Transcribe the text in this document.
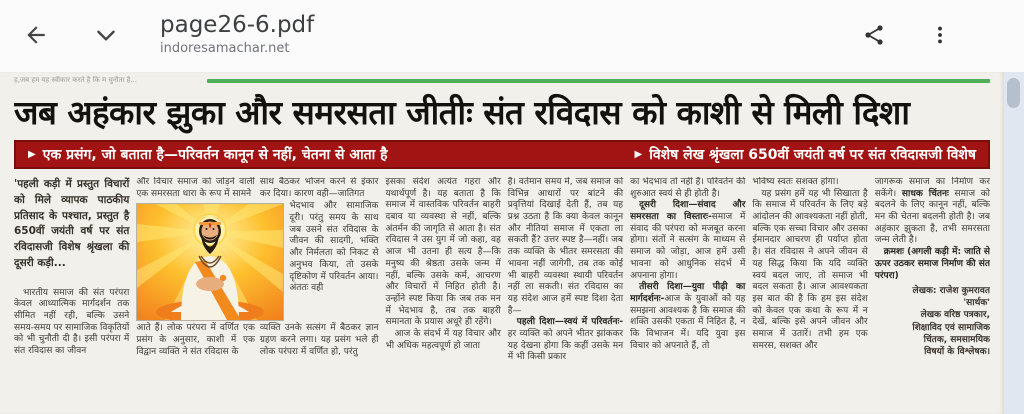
page26-6.pdf
indoresamachar.net
ह,जब हम यह स्वीकार करते है कि म चुनौता है...
जब अहंकार झुका और समरसता जीतीः संत रविदास को काशी से मिली दिशा
▶ एक प्रसंग, जो बताता है—परिवर्तन कानून से नहीं, चेतना से आता है	▶ विशेष लेख श्रृंखला 650वीं जयंती वर्ष पर संत रविदासजी विशेष

'पहली कड़ी में प्रस्तुत विचारों को मिले व्यापक पाठकीय प्रतिसाद के पश्चात, प्रस्तुत है 650वीं जयंती वर्ष पर संत रविदासजी विशेष श्रृंखला की दूसरी कड़ी...

भारतीय समाज की संत परंपरा केवल आध्यात्मिक मार्गदर्शन तक सीमित नहीं रही, बल्कि उसने समय-समय पर सामाजिक विकृतियों को भी चुनौती दी है। इसी परंपरा में संत रविदास का जीवन

और विचार समाज को जोड़ने वाली एक समरसता धारा के रूप में सामने

साथ बैठकर भोजन करने से इंकार कर दिया। कारण वही—जातिगत

भेदभाव और सामाजिक दूरी। परंतु समय के साथ जब उसने संत रविदास के जीवन की सादगी, भक्ति और निर्मलता को निकट से अनुभव किया, तो उसके दृष्टिकोण में परिवर्तन आया। अंततः वही

आते हैं। लोक परंपरा में वर्णित एक प्रसंग के अनुसार, काशी में एक विद्वान व्यक्ति ने संत रविदास के

व्यक्ति उनके सत्संग में बैठकर ज्ञान ग्रहण करने लगा। यह प्रसंग भले ही लोक परंपरा में वर्णित हो, परंतु

इसका संदेश अत्यंत गहरा और यथार्थपूर्ण है। यह बताता है कि समाज में वास्तविक परिवर्तन बाहरी दबाव या व्यवस्था से नहीं, बल्कि अंतर्मन की जागृति से आता है। संत रविदास ने उस युग में जो कहा, वह आज भी उतना ही सत्य है—कि मनुष्य की श्रेष्ठता उसके जन्म में नहीं, बल्कि उसके कर्म, आचरण और विचारों में निहित होती है। उन्होंने स्पष्ट किया कि जब तक मन में भेदभाव है, तब तक बाहरी समानता के प्रयास अधूरे ही रहेंगे।

आज के संदर्भ में यह विचार और भी अधिक महत्वपूर्ण हो जाता

है। वर्तमान समय में, जब समाज को विभिन्न आधारों पर बांटने की प्रवृत्तियां दिखाई देती हैं, तब यह प्रश्न उठता है कि क्या केवल कानून और नीतियां समाज में एकता ला सकती हैं? उत्तर स्पष्ट है—नहीं। जब तक व्यक्ति के भीतर समरसता की भावना नहीं जागेगी, तब तक कोई भी बाहरी व्यवस्था स्थायी परिवर्तन नहीं ला सकती। संत रविदास का यह संदेश आज हमें स्पष्ट दिशा देता है—

पहली दिशा—स्वयं में परिवर्तनः-हर व्यक्ति को अपने भीतर झांककर यह देखना होगा कि कहीं उसके मन में भी किसी प्रकार

का भेदभाव तो नहीं है। परिवर्तन की शुरुआत स्वयं से ही होती है।

दूसरी दिशा—संवाद और समरसता का विस्तारः-समाज में संवाद की परंपरा को मजबूत करना होगा। संतों ने सत्संग के माध्यम से समाज को जोड़ा, आज हमें उसी भावना को आधुनिक संदर्भ में अपनाना होगा।

तीसरी दिशा—युवा पीढ़ी का मार्गदर्शनः-आज के युवाओं को यह समझना आवश्यक है कि समाज की शक्ति उसकी एकता में निहित है, न कि विभाजन में। यदि युवा इस विचार को अपनाते हैं, तो

भविष्य स्वतः सशक्त होगा।

यह प्रसंग हमें यह भी सिखाता है कि समाज में परिवर्तन के लिए बड़े आंदोलन की आवश्यकता नहीं होती, बल्कि एक सच्चा विचार और उसका ईमानदार आचरण ही पर्याप्त होता है। संत रविदास ने अपने जीवन से यह सिद्ध किया कि यदि व्यक्ति स्वयं बदल जाए, तो समाज भी बदल सकता है। आज आवश्यकता इस बात की है कि हम इस संदेश को केवल एक कथा के रूप में न देखें, बल्कि इसे अपने जीवन और समाज में उतारें। तभी हम एक समरस, सशक्त और

जागरूक समाज का निर्माण कर सकेंगे। साधक चिंतनः समाज को बदलने के लिए कानून नहीं, बल्कि मन की चेतना बदलनी होती है। जब अहंकार झुकता है, तभी समरसता जन्म लेती है।

क्रमशः (अगली कड़ी में: जाति से ऊपर उठकर समाज निर्माण की संत परंपरा)

लेखक: राजेश कुमरावत
'सार्थक'
लेखक वरिष्ठ पत्रकार,
शिक्षाविद एवं सामाजिक
चिंतक, समसामयिक
विषयों के विश्लेषक।
